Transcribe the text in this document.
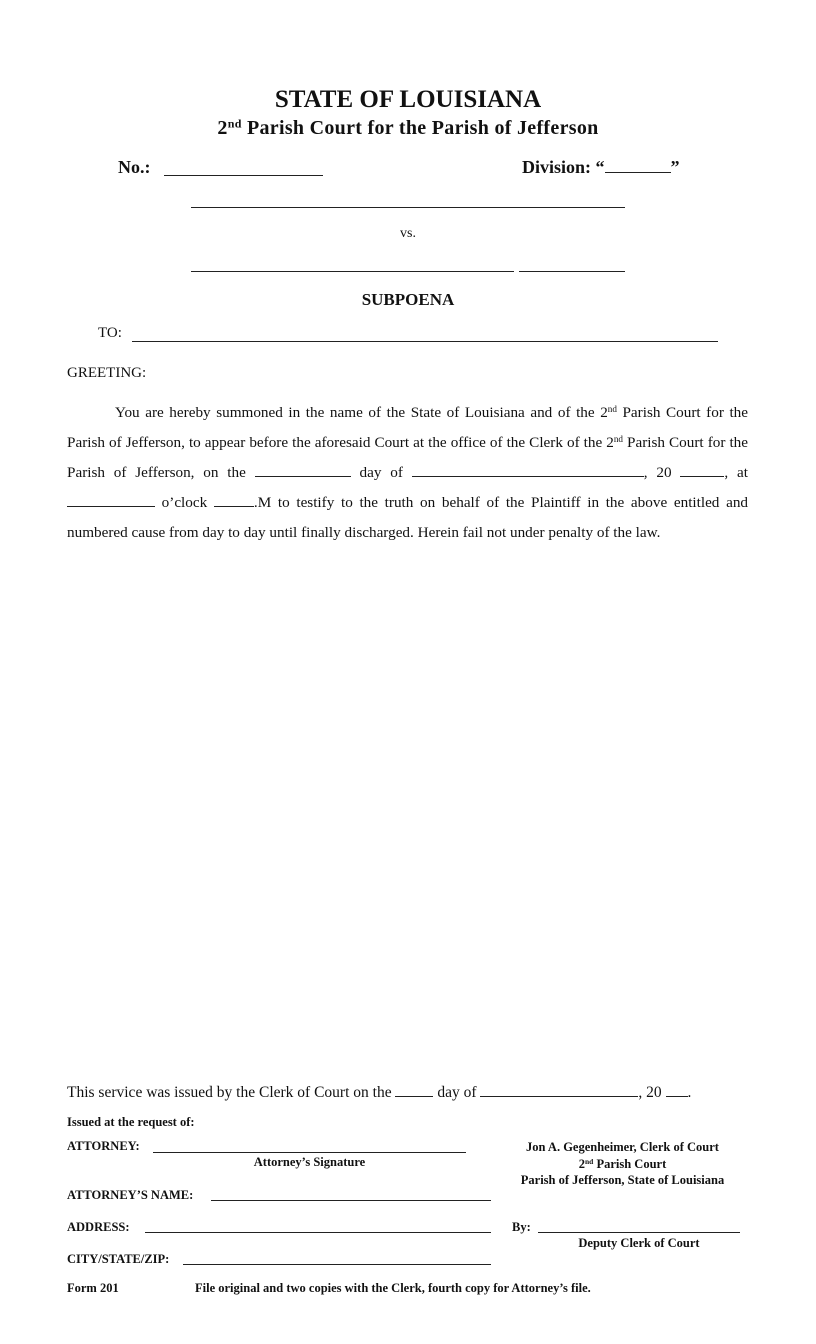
STATE OF LOUISIANA
2nd Parish Court for the Parish of Jefferson
No.:	Division: “	”
vs.
SUBPOENA
TO:
GREETING:

You are hereby summoned in the name of the State of Louisiana and of the 2nd Parish Court for the Parish of Jefferson, to appear before the aforesaid Court at the office of the Clerk of the 2nd Parish Court for the Parish of Jefferson, on the	day of	, 20	, at  o’clock	.M to testify to the truth on behalf of the Plaintiff in the above entitled and numbered cause from day to day until finally discharged. Herein fail not under penalty of the law.

This service was issued by the Clerk of Court on the  day of	, 20 .
Issued at the request of:
ATTORNEY:
Attorney’s Signature
ATTORNEY’S NAME:
ADDRESS:
CITY/STATE/ZIP:
Jon A. Gegenheimer, Clerk of Court
2nd Parish Court
Parish of Jefferson, State of Louisiana
By:
Deputy Clerk of Court
Form 201	File original and two copies with the Clerk, fourth copy for Attorney’s file.
